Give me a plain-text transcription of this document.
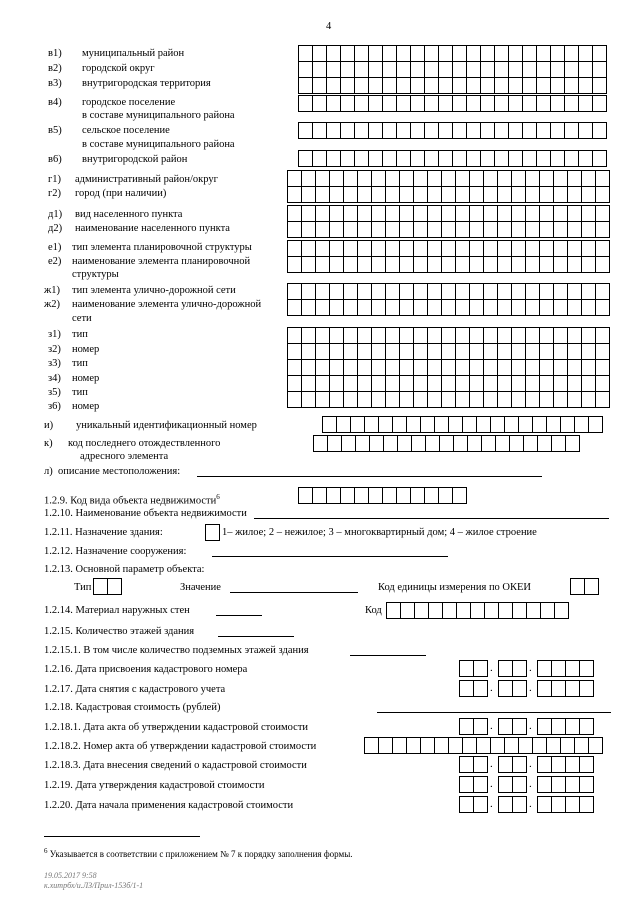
4
в1) муниципальный район
в2) городской округ
в3) внутригородская территория
в4) городское поселение
в составе муниципального района
в5) сельское поселение
в составе муниципального района
в6) внутригородской район
г1) административный район/округ
г2) город (при наличии)
д1) вид населенного пункта
д2) наименование населенного пункта
е1) тип элемента планировочной структуры
е2) наименование элемента планировочной
структуры
ж1) тип элемента улично-дорожной сети
ж2) наименование элемента улично-дорожной
сети
з1) тип
з2) номер
з3) тип
з4) номер
з5) тип
з6) номер
и) уникальный идентификационный номер
к) код последнего отождествленного
адресного элемента
л) описание местоположения:
1.2.9. Код вида объекта недвижимости$^6$
1.2.10. Наименование объекта недвижимости
1.2.11. Назначение здания:	1– жилое; 2 – нежилое; 3 – многоквартирный дом; 4 – жилое строение
1.2.12. Назначение сооружения:
1.2.13. Основной параметр объекта:
Тип	Значение	Код единицы измерения по ОКЕИ
1.2.14. Материал наружных стен	Код
1.2.15. Количество этажей здания
1.2.15.1. В том числе количество подземных этажей здания
1.2.16. Дата присвоения кадастрового номера	.	.
1.2.17. Дата снятия с кадастрового учета	.	.
1.2.18. Кадастровая стоимость (рублей)
1.2.18.1. Дата акта об утверждении кадастровой стоимости	.	.
1.2.18.2. Номер акта об утверждении кадастровой стоимости
1.2.18.3. Дата внесения сведений о кадастровой стоимости	.	.
1.2.19. Дата утверждения кадастровой стоимости	.	.
1.2.20. Дата начала применения кадастровой стоимости	.	.
$^6$ Указывается в соответствии с приложением № 7 к порядку заполнения формы.
19.05.2017 9:58
к.хитрбх/и.ЛЗ/Прил-153б/1-1
